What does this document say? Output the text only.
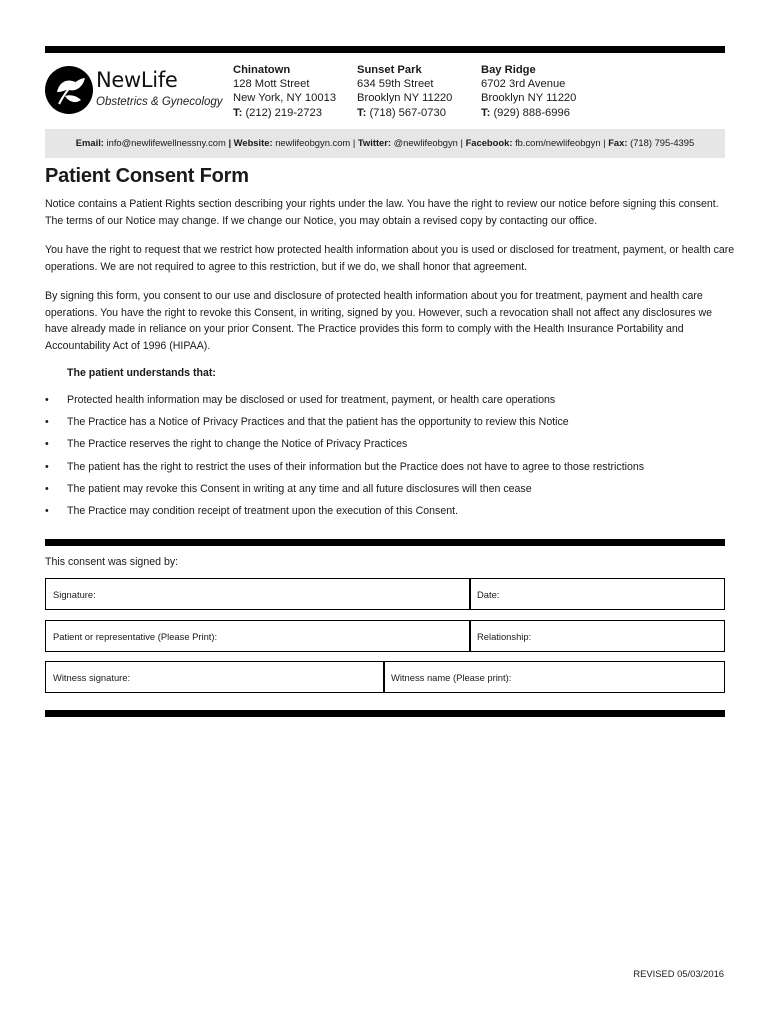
NewLife
Obstetrics & Gynecology
Chinatown
128 Mott Street
New York, NY 10013
T: (212) 219-2723
Sunset Park
634 59th Street
Brooklyn NY 11220
T: (718) 567-0730
Bay Ridge
6702 3rd Avenue
Brooklyn NY 11220
T: (929) 888-6996
Email: info@newlifewellnessny.com | Website: newlifeobgyn.com | Twitter: @newlifeobgyn | Facebook: fb.com/newlifeobgyn | Fax: (718) 795-4395
Patient Consent Form

Notice contains a Patient Rights section describing your rights under the law. You have the right to review our notice before signing this consent. The terms of our Notice may change. If we change our Notice, you may obtain a revised copy by contacting our office.

You have the right to request that we restrict how protected health information about you is used or disclosed for treatment, payment, or health care operations. We are not required to agree to this restriction, but if we do, we shall honor that agreement.

By signing this form, you consent to our use and disclosure of protected health information about you for treatment, payment and health care operations. You have the right to revoke this Consent, in writing, signed by you. However, such a revocation shall not affect any disclosures we have already made in reliance on your prior Consent. The Practice provides this form to comply with the Health Insurance Portability and Accountability Act of 1996 (HIPAA).

The patient understands that:
•	Protected health information may be disclosed or used for treatment, payment, or health care operations
•	The Practice has a Notice of Privacy Practices and that the patient has the opportunity to review this Notice
•	The Practice reserves the right to change the Notice of Privacy Practices
•	The patient has the right to restrict the uses of their information but the Practice does not have to agree to those restrictions
•	The patient may revoke this Consent in writing at any time and all future disclosures will then cease
•	The Practice may condition receipt of treatment upon the execution of this Consent.
This consent was signed by:
Signature:	Date:
Patient or representative (Please Print):	Relationship:
Witness signature:	Witness name (Please print):
REVISED 05/03/2016
